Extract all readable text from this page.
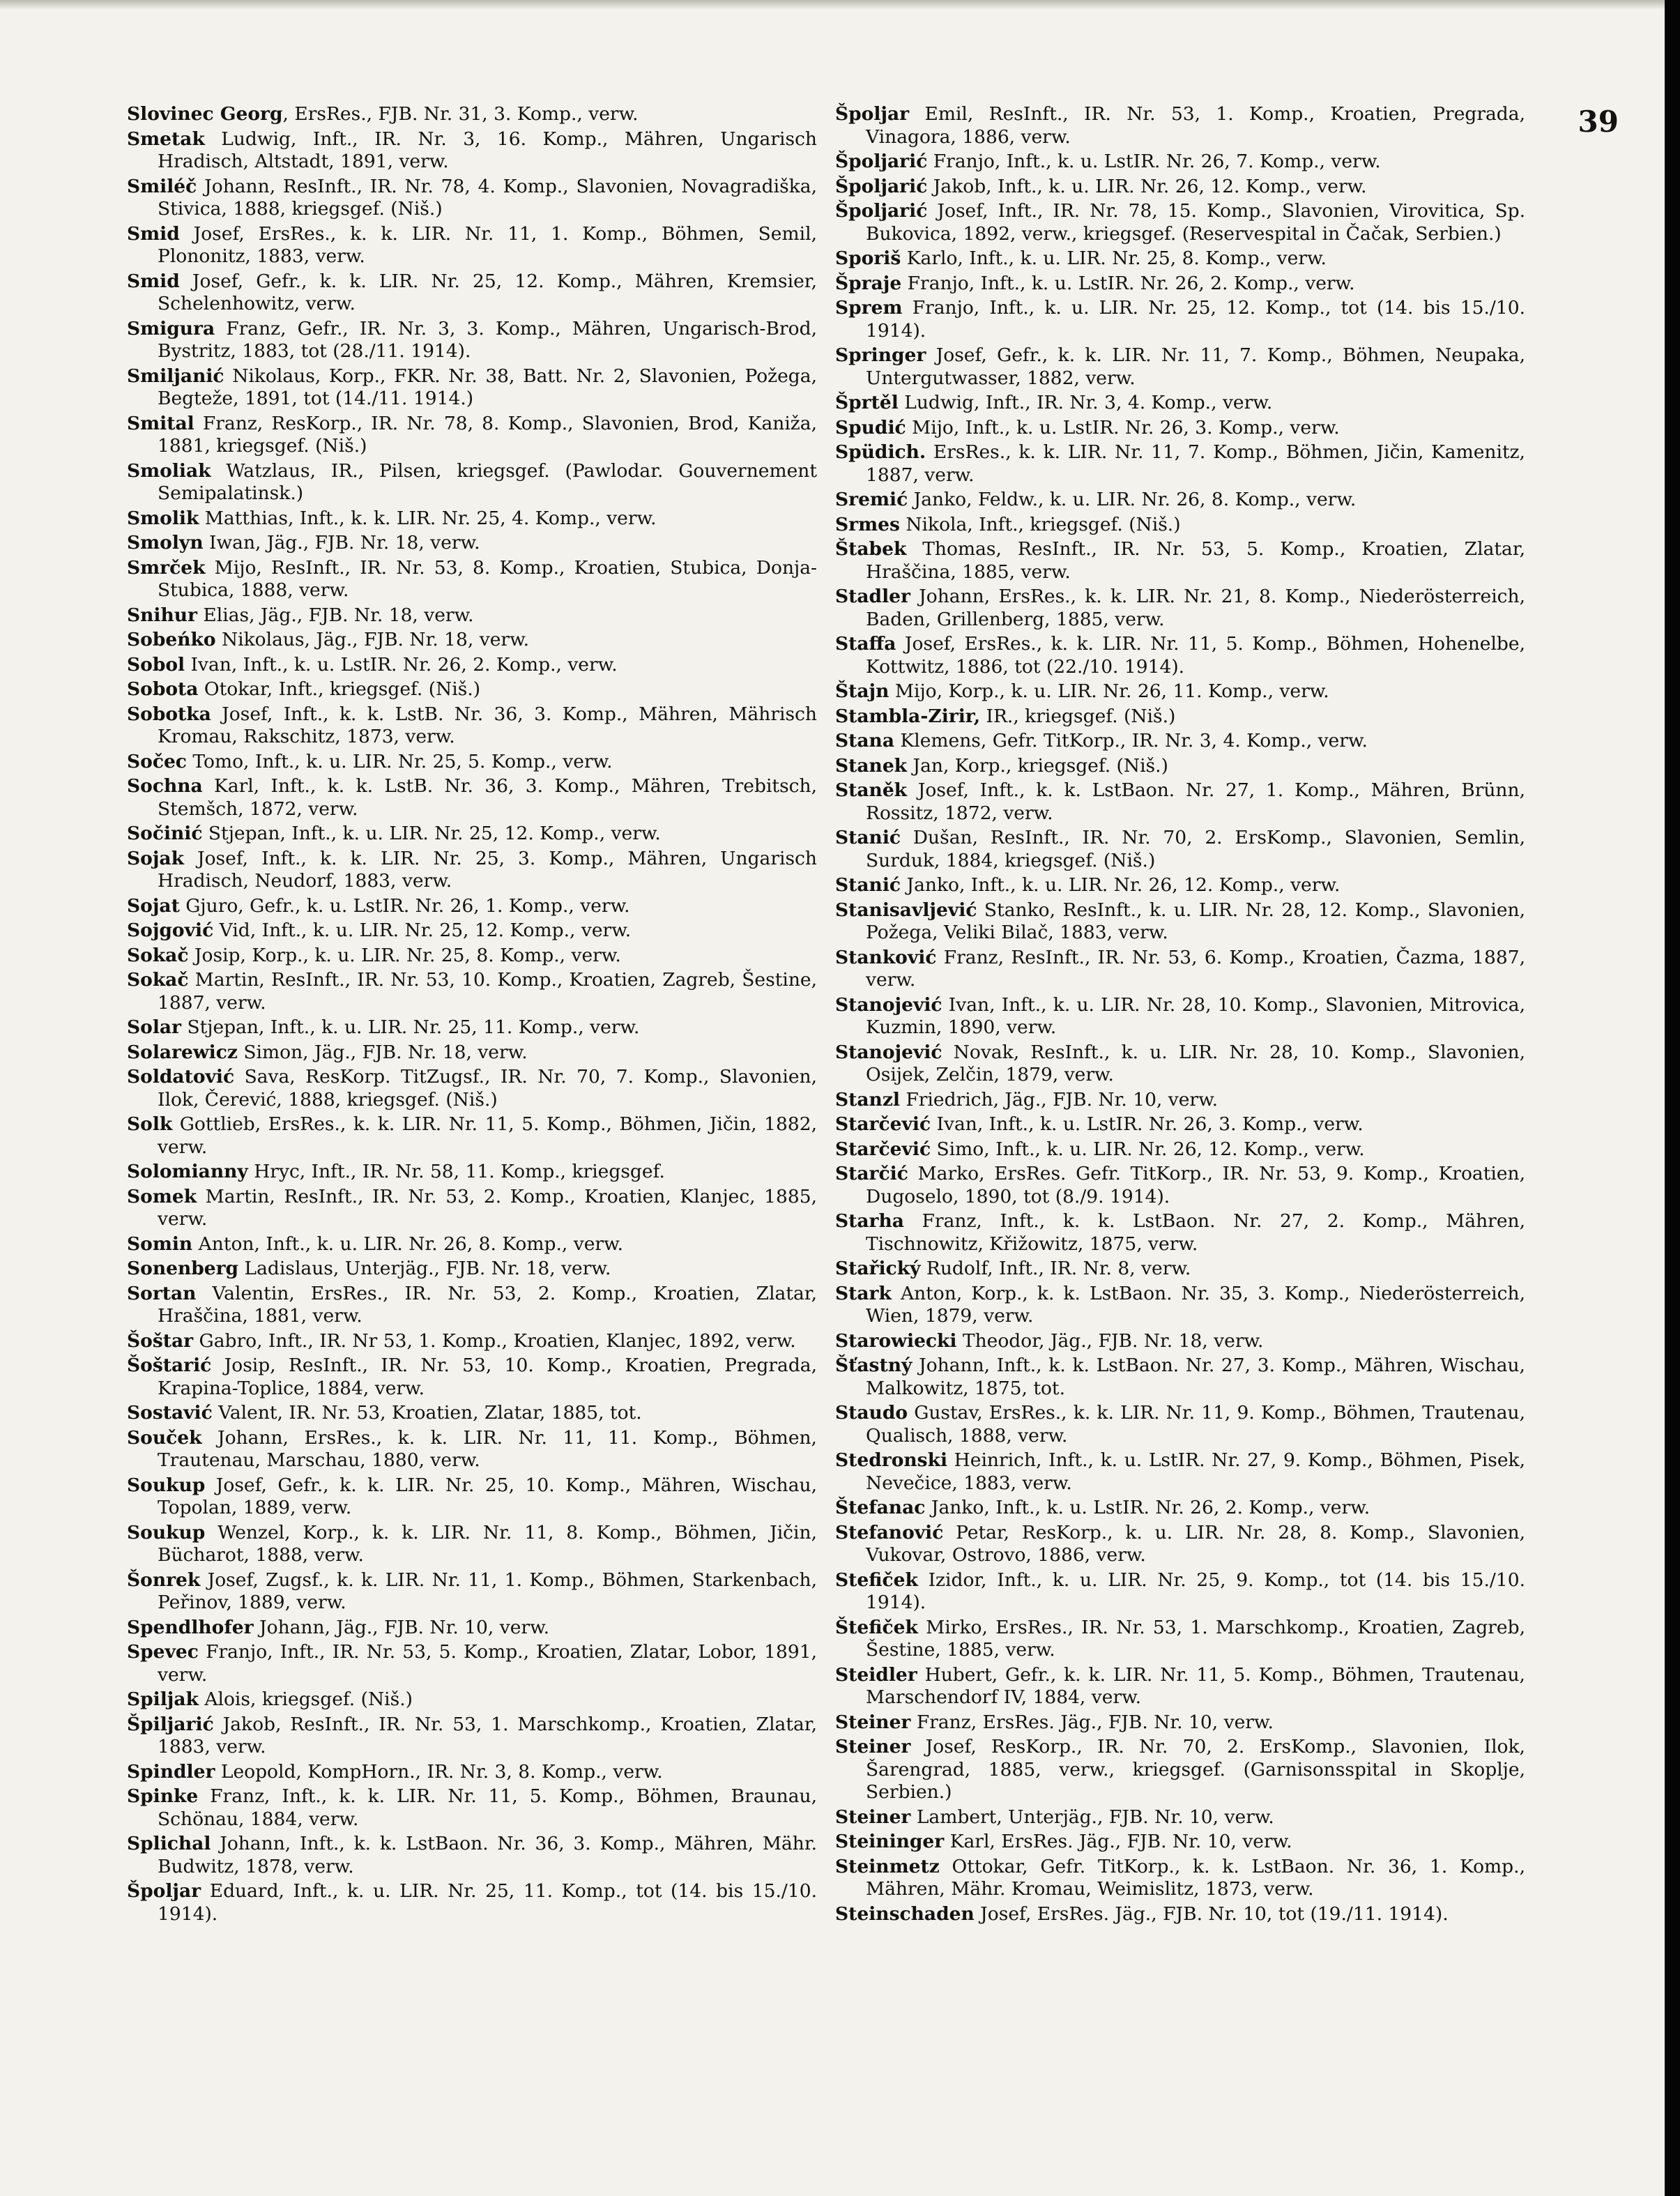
39
Slovinec Georg, ErsRes., FJB. Nr. 31, 3. Komp., verw.
Smetak Ludwig, Inft., IR. Nr. 3, 16. Komp., Mähren, Ungarisch Hradisch, Altstadt, 1891, verw.
Smiléč Johann, ResInft., IR. Nr. 78, 4. Komp., Slavonien, Novagradiška, Stivica, 1888, kriegsgef. (Niš.)
Smid Josef, ErsRes., k. k. LIR. Nr. 11, 1. Komp., Böhmen, Semil, Plononitz, 1883, verw.
Smid Josef, Gefr., k. k. LIR. Nr. 25, 12. Komp., Mähren, Kremsier, Schelenhowitz, verw.
Smigura Franz, Gefr., IR. Nr. 3, 3. Komp., Mähren, Ungarisch-Brod, Bystritz, 1883, tot (28./11. 1914).
Smiljanić Nikolaus, Korp., FKR. Nr. 38, Batt. Nr. 2, Slavonien, Požega, Begteže, 1891, tot (14./11. 1914.)
Smital Franz, ResKorp., IR. Nr. 78, 8. Komp., Slavonien, Brod, Kaniža, 1881, kriegsgef. (Niš.)
Smoliak Watzlaus, IR., Pilsen, kriegsgef. (Pawlodar. Gouvernement Semipalatinsk.)
Smolik Matthias, Inft., k. k. LIR. Nr. 25, 4. Komp., verw.
Smolyn Iwan, Jäg., FJB. Nr. 18, verw.
Smrček Mijo, ResInft., IR. Nr. 53, 8. Komp., Kroatien, Stubica, Donja-Stubica, 1888, verw.
Snihur Elias, Jäg., FJB. Nr. 18, verw.
Sobeńko Nikolaus, Jäg., FJB. Nr. 18, verw.
Sobol Ivan, Inft., k. u. LstIR. Nr. 26, 2. Komp., verw.
Sobota Otokar, Inft., kriegsgef. (Niš.)
Sobotka Josef, Inft., k. k. LstB. Nr. 36, 3. Komp., Mähren, Mährisch Kromau, Rakschitz, 1873, verw.
Sočec Tomo, Inft., k. u. LIR. Nr. 25, 5. Komp., verw.
Sochna Karl, Inft., k. k. LstB. Nr. 36, 3. Komp., Mähren, Trebitsch, Stemšch, 1872, verw.
Sočinić Stjepan, Inft., k. u. LIR. Nr. 25, 12. Komp., verw.
Sojak Josef, Inft., k. k. LIR. Nr. 25, 3. Komp., Mähren, Ungarisch Hradisch, Neudorf, 1883, verw.
Sojat Gjuro, Gefr., k. u. LstIR. Nr. 26, 1. Komp., verw.
Sojgović Vid, Inft., k. u. LIR. Nr. 25, 12. Komp., verw.
Sokač Josip, Korp., k. u. LIR. Nr. 25, 8. Komp., verw.
Sokač Martin, ResInft., IR. Nr. 53, 10. Komp., Kroatien, Zagreb, Šestine, 1887, verw.
Solar Stjepan, Inft., k. u. LIR. Nr. 25, 11. Komp., verw.
Solarewicz Simon, Jäg., FJB. Nr. 18, verw.
Soldatović Sava, ResKorp. TitZugsf., IR. Nr. 70, 7. Komp., Slavonien, Ilok, Čerević, 1888, kriegsgef. (Niš.)
Solk Gottlieb, ErsRes., k. k. LIR. Nr. 11, 5. Komp., Böhmen, Jičin, 1882, verw.
Solomianny Hryc, Inft., IR. Nr. 58, 11. Komp., kriegsgef.
Somek Martin, ResInft., IR. Nr. 53, 2. Komp., Kroatien, Klanjec, 1885, verw.
Somin Anton, Inft., k. u. LIR. Nr. 26, 8. Komp., verw.
Sonenberg Ladislaus, Unterjäg., FJB. Nr. 18, verw.
Sortan Valentin, ErsRes., IR. Nr. 53, 2. Komp., Kroatien, Zlatar, Hraščina, 1881, verw.
Šoštar Gabro, Inft., IR. Nr 53, 1. Komp., Kroatien, Klanjec, 1892, verw.
Šoštarić Josip, ResInft., IR. Nr. 53, 10. Komp., Kroatien, Pregrada, Krapina-Toplice, 1884, verw.
Sostavić Valent, IR. Nr. 53, Kroatien, Zlatar, 1885, tot.
Souček Johann, ErsRes., k. k. LIR. Nr. 11, 11. Komp., Böhmen, Trautenau, Marschau, 1880, verw.
Soukup Josef, Gefr., k. k. LIR. Nr. 25, 10. Komp., Mähren, Wischau, Topolan, 1889, verw.
Soukup Wenzel, Korp., k. k. LIR. Nr. 11, 8. Komp., Böhmen, Jičin, Bücharot, 1888, verw.
Šonrek Josef, Zugsf., k. k. LIR. Nr. 11, 1. Komp., Böhmen, Starkenbach, Peřinov, 1889, verw.
Spendlhofer Johann, Jäg., FJB. Nr. 10, verw.
Spevec Franjo, Inft., IR. Nr. 53, 5. Komp., Kroatien, Zlatar, Lobor, 1891, verw.
Spiljak Alois, kriegsgef. (Niš.)
Špiljarić Jakob, ResInft., IR. Nr. 53, 1. Marschkomp., Kroatien, Zlatar, 1883, verw.
Spindler Leopold, KompHorn., IR. Nr. 3, 8. Komp., verw.
Spinke Franz, Inft., k. k. LIR. Nr. 11, 5. Komp., Böhmen, Braunau, Schönau, 1884, verw.
Splichal Johann, Inft., k. k. LstBaon. Nr. 36, 3. Komp., Mähren, Mähr. Budwitz, 1878, verw.
Špoljar Eduard, Inft., k. u. LIR. Nr. 25, 11. Komp., tot (14. bis 15./10. 1914).
Špoljar Emil, ResInft., IR. Nr. 53, 1. Komp., Kroatien, Pregrada, Vinagora, 1886, verw.
Špoljarić Franjo, Inft., k. u. LstIR. Nr. 26, 7. Komp., verw.
Špoljarić Jakob, Inft., k. u. LIR. Nr. 26, 12. Komp., verw.
Špoljarić Josef, Inft., IR. Nr. 78, 15. Komp., Slavonien, Virovitica, Sp. Bukovica, 1892, verw., kriegsgef. (Reservespital in Čačak, Serbien.)
Sporiš Karlo, Inft., k. u. LIR. Nr. 25, 8. Komp., verw.
Špraje Franjo, Inft., k. u. LstIR. Nr. 26, 2. Komp., verw.
Sprem Franjo, Inft., k. u. LIR. Nr. 25, 12. Komp., tot (14. bis 15./10. 1914).
Springer Josef, Gefr., k. k. LIR. Nr. 11, 7. Komp., Böhmen, Neupaka, Untergutwasser, 1882, verw.
Šprtěl Ludwig, Inft., IR. Nr. 3, 4. Komp., verw.
Spudić Mijo, Inft., k. u. LstIR. Nr. 26, 3. Komp., verw.
Spüdich. ErsRes., k. k. LIR. Nr. 11, 7. Komp., Böhmen, Jičin, Kamenitz, 1887, verw.
Sremić Janko, Feldw., k. u. LIR. Nr. 26, 8. Komp., verw.
Srmes Nikola, Inft., kriegsgef. (Niš.)
Štabek Thomas, ResInft., IR. Nr. 53, 5. Komp., Kroatien, Zlatar, Hraščina, 1885, verw.
Stadler Johann, ErsRes., k. k. LIR. Nr. 21, 8. Komp., Niederösterreich, Baden, Grillenberg, 1885, verw.
Staffa Josef, ErsRes., k. k. LIR. Nr. 11, 5. Komp., Böhmen, Hohenelbe, Kottwitz, 1886, tot (22./10. 1914).
Štajn Mijo, Korp., k. u. LIR. Nr. 26, 11. Komp., verw.
Stambla-Zirir, IR., kriegsgef. (Niš.)
Stana Klemens, Gefr. TitKorp., IR. Nr. 3, 4. Komp., verw.
Stanek Jan, Korp., kriegsgef. (Niš.)
Staněk Josef, Inft., k. k. LstBaon. Nr. 27, 1. Komp., Mähren, Brünn, Rossitz, 1872, verw.
Stanić Dušan, ResInft., IR. Nr. 70, 2. ErsKomp., Slavonien, Semlin, Surduk, 1884, kriegsgef. (Niš.)
Stanić Janko, Inft., k. u. LIR. Nr. 26, 12. Komp., verw.
Stanisavljević Stanko, ResInft., k. u. LIR. Nr. 28, 12. Komp., Slavonien, Požega, Veliki Bilač, 1883, verw.
Stanković Franz, ResInft., IR. Nr. 53, 6. Komp., Kroatien, Čazma, 1887, verw.
Stanojević Ivan, Inft., k. u. LIR. Nr. 28, 10. Komp., Slavonien, Mitrovica, Kuzmin, 1890, verw.
Stanojević Novak, ResInft., k. u. LIR. Nr. 28, 10. Komp., Slavonien, Osijek, Zelčin, 1879, verw.
Stanzl Friedrich, Jäg., FJB. Nr. 10, verw.
Starčević Ivan, Inft., k. u. LstIR. Nr. 26, 3. Komp., verw.
Starčević Simo, Inft., k. u. LIR. Nr. 26, 12. Komp., verw.
Starčić Marko, ErsRes. Gefr. TitKorp., IR. Nr. 53, 9. Komp., Kroatien, Dugoselo, 1890, tot (8./9. 1914).
Starha Franz, Inft., k. k. LstBaon. Nr. 27, 2. Komp., Mähren, Tischnowitz, Křižowitz, 1875, verw.
Stařický Rudolf, Inft., IR. Nr. 8, verw.
Stark Anton, Korp., k. k. LstBaon. Nr. 35, 3. Komp., Niederösterreich, Wien, 1879, verw.
Starowiecki Theodor, Jäg., FJB. Nr. 18, verw.
Šťastný Johann, Inft., k. k. LstBaon. Nr. 27, 3. Komp., Mähren, Wischau, Malkowitz, 1875, tot.
Staudo Gustav, ErsRes., k. k. LIR. Nr. 11, 9. Komp., Böhmen, Trautenau, Qualisch, 1888, verw.
Stedronski Heinrich, Inft., k. u. LstIR. Nr. 27, 9. Komp., Böhmen, Pisek, Nevečice, 1883, verw.
Štefanac Janko, Inft., k. u. LstIR. Nr. 26, 2. Komp., verw.
Stefanović Petar, ResKorp., k. u. LIR. Nr. 28, 8. Komp., Slavonien, Vukovar, Ostrovo, 1886, verw.
Stefiček Izidor, Inft., k. u. LIR. Nr. 25, 9. Komp., tot (14. bis 15./10. 1914).
Štefiček Mirko, ErsRes., IR. Nr. 53, 1. Marschkomp., Kroatien, Zagreb, Šestine, 1885, verw.
Steidler Hubert, Gefr., k. k. LIR. Nr. 11, 5. Komp., Böhmen, Trautenau, Marschendorf IV, 1884, verw.
Steiner Franz, ErsRes. Jäg., FJB. Nr. 10, verw.
Steiner Josef, ResKorp., IR. Nr. 70, 2. ErsKomp., Slavonien, Ilok, Šarengrad, 1885, verw., kriegsgef. (Garnisonsspital in Skoplje, Serbien.)
Steiner Lambert, Unterjäg., FJB. Nr. 10, verw.
Steininger Karl, ErsRes. Jäg., FJB. Nr. 10, verw.
Steinmetz Ottokar, Gefr. TitKorp., k. k. LstBaon. Nr. 36, 1. Komp., Mähren, Mähr. Kromau, Weimislitz, 1873, verw.
Steinschaden Josef, ErsRes. Jäg., FJB. Nr. 10, tot (19./11. 1914).
